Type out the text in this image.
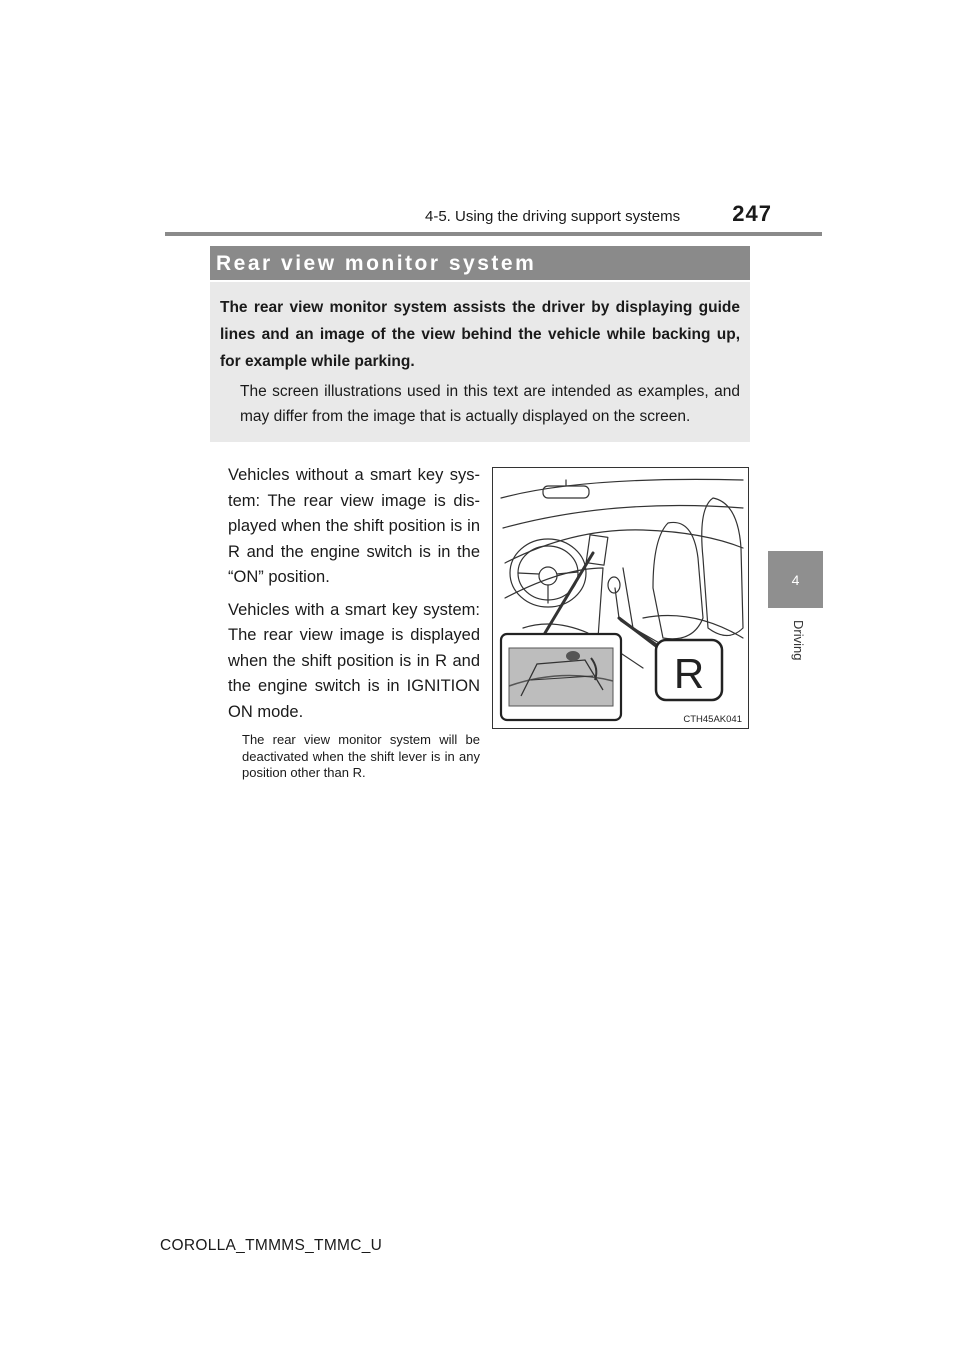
4-5. Using the driving support systems	247
4
Driving
Rear view monitor system

The rear view monitor system assists the driver by displaying guide lines and an image of the view behind the vehicle while backing up, for example while parking.

The screen illustrations used in this text are intended as examples, and may differ from the image that is actually displayed on the screen.

Vehicles without a smart key sys- tem: The rear view image is dis- played when the shift position is in R and the engine switch is in the “ON” position.

Vehicles with a smart key system: The rear view image is displayed when the shift position is in R and the engine switch is in IGNITION ON mode.

The rear view monitor system will be deactivated when the shift lever is in any position other than R.

R
CTH45AK041
COROLLA_TMMMS_TMMC_U
